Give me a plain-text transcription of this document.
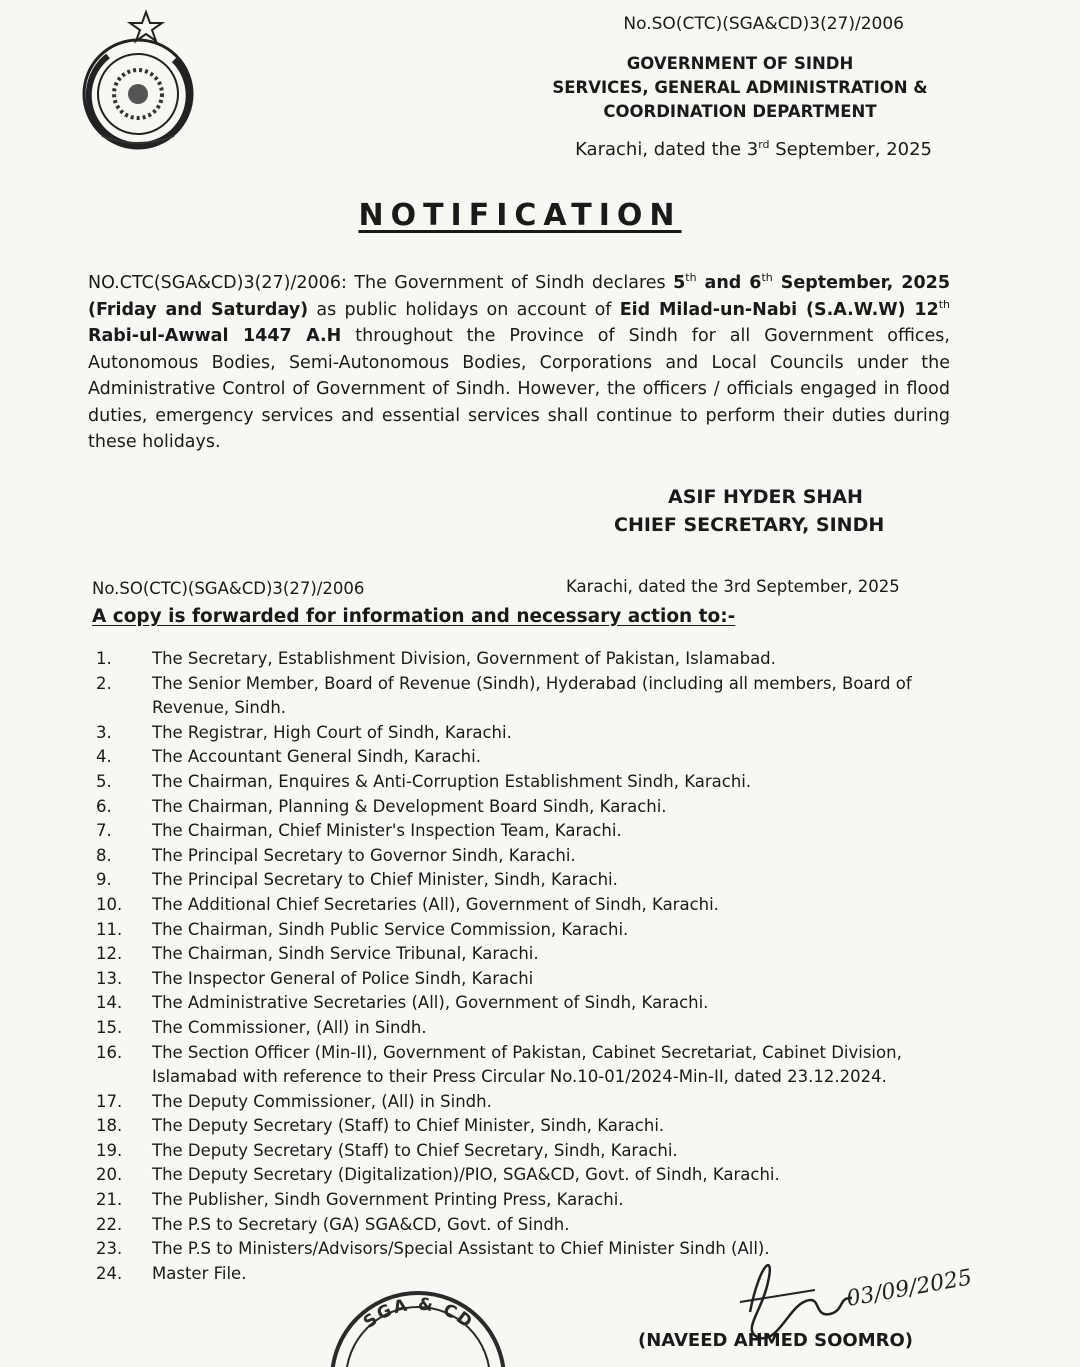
No.SO(CTC)(SGA&CD)3(27)/2006
GOVERNMENT OF SINDH
SERVICES, GENERAL ADMINISTRATION &
COORDINATION DEPARTMENT
Karachi, dated the 3rd September, 2025
NOTIFICATION
NO.CTC(SGA&CD)3(27)/2006: The Government of Sindh declares 5th and 6th September, 2025 (Friday and Saturday) as public holidays on account of Eid Milad-un-Nabi (S.A.W.W) 12th Rabi-ul-Awwal 1447 A.H throughout the Province of Sindh for all Government offices, Autonomous Bodies, Semi-Autonomous Bodies, Corporations and Local Councils under the Administrative Control of Government of Sindh. However, the officers / officials engaged in flood duties, emergency services and essential services shall continue to perform their duties during these holidays.
ASIF HYDER SHAH
CHIEF SECRETARY, SINDH
No.SO(CTC)(SGA&CD)3(27)/2006	Karachi, dated the 3rd September, 2025
A copy is forwarded for information and necessary action to:-
1.	The Secretary, Establishment Division, Government of Pakistan, Islamabad.
2.	The Senior Member, Board of Revenue (Sindh), Hyderabad (including all members, Board of Revenue, Sindh.
3.	The Registrar, High Court of Sindh, Karachi.
4.	The Accountant General Sindh, Karachi.
5.	The Chairman, Enquires & Anti-Corruption Establishment Sindh, Karachi.
6.	The Chairman, Planning & Development Board Sindh, Karachi.
7.	The Chairman, Chief Minister's Inspection Team, Karachi.
8.	The Principal Secretary to Governor Sindh, Karachi.
9.	The Principal Secretary to Chief Minister, Sindh, Karachi.
10.	The Additional Chief Secretaries (All), Government of Sindh, Karachi.
11.	The Chairman, Sindh Public Service Commission, Karachi.
12.	The Chairman, Sindh Service Tribunal, Karachi.
13.	The Inspector General of Police Sindh, Karachi
14.	The Administrative Secretaries (All), Government of Sindh, Karachi.
15.	The Commissioner, (All) in Sindh.
16.	The Section Officer (Min-II), Government of Pakistan, Cabinet Secretariat, Cabinet Division, Islamabad with reference to their Press Circular No.10-01/2024-Min-II, dated 23.12.2024.
17.	The Deputy Commissioner, (All) in Sindh.
18.	The Deputy Secretary (Staff) to Chief Minister, Sindh, Karachi.
19.	The Deputy Secretary (Staff) to Chief Secretary, Sindh, Karachi.
20.	The Deputy Secretary (Digitalization)/PIO, SGA&CD, Govt. of Sindh, Karachi.
21.	The Publisher, Sindh Government Printing Press, Karachi.
22.	The P.S to Secretary (GA) SGA&CD, Govt. of Sindh.
23.	The P.S to Ministers/Advisors/Special Assistant to Chief Minister Sindh (All).
24.	Master File.
SGA & CD
03/09/2025
(NAVEED AHMED SOOMRO)
